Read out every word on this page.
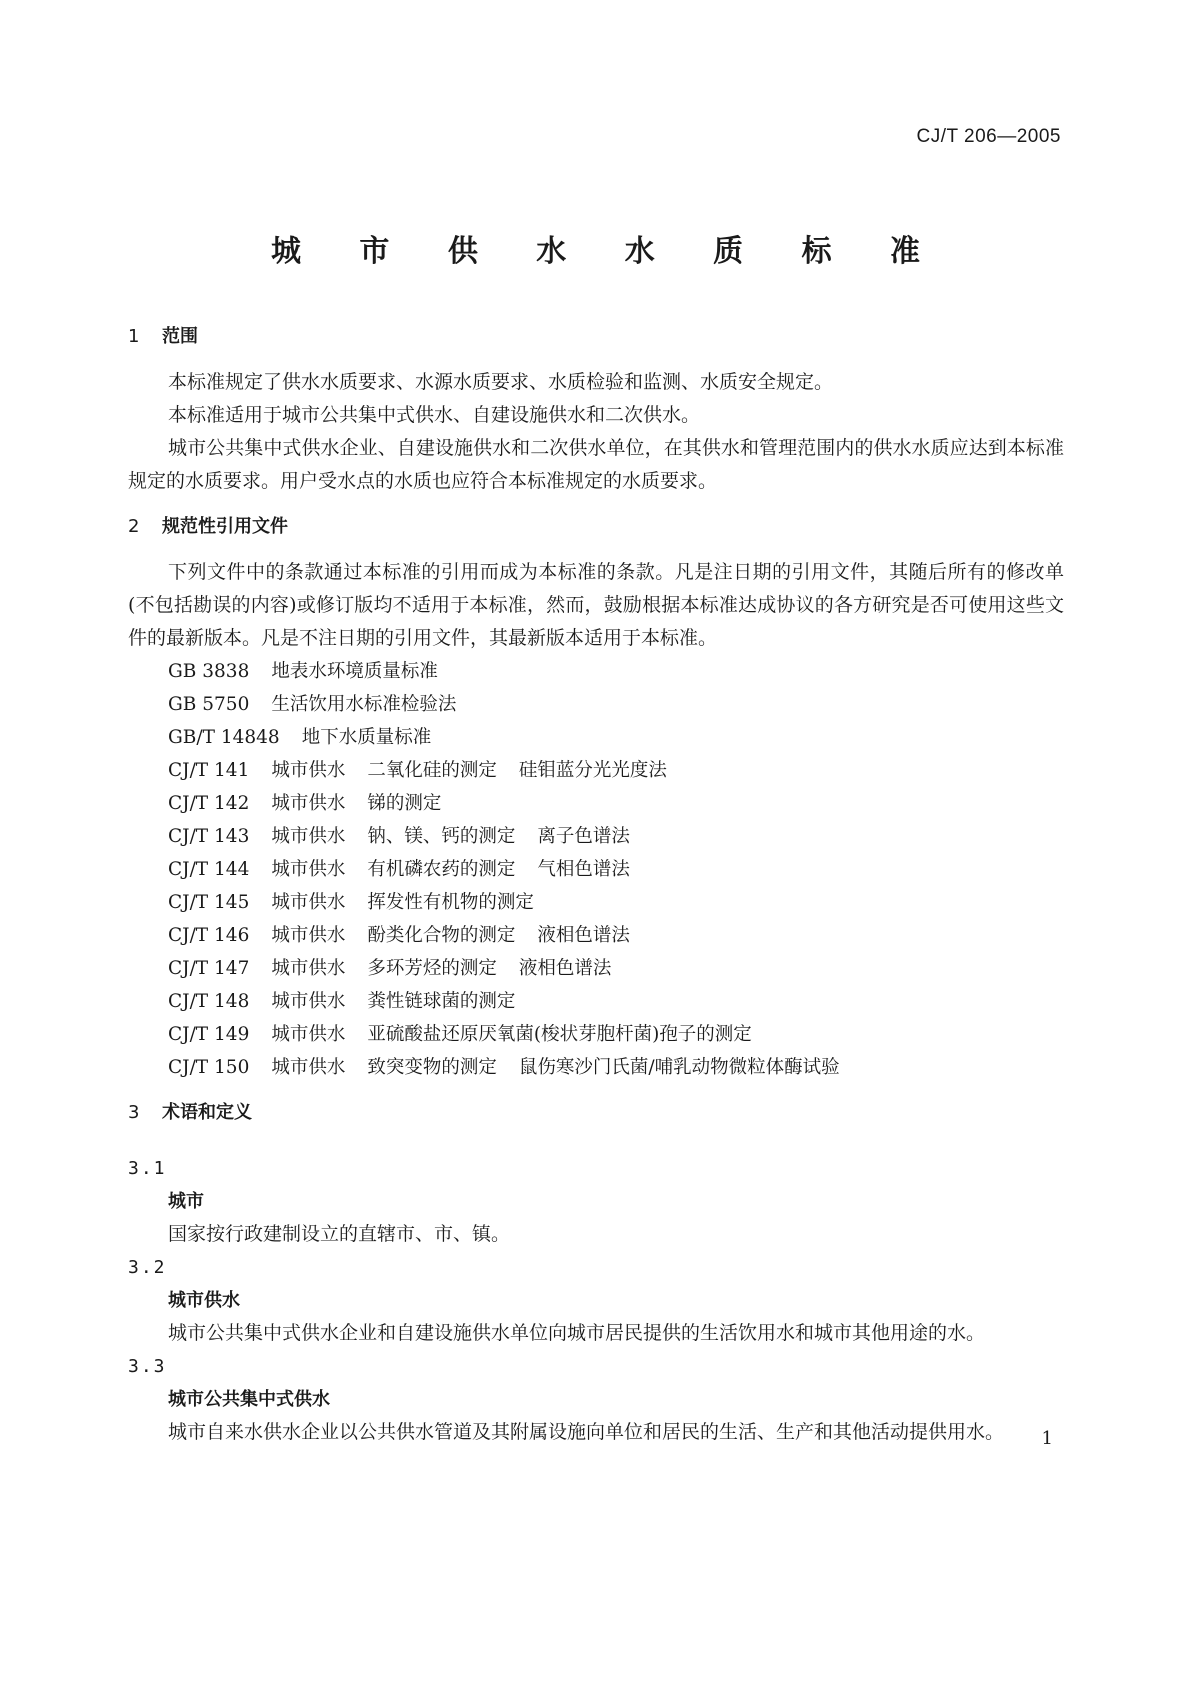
CJ/T 206—2005
城 市 供 水 水 质 标 准
1 范围

本标准规定了供水水质要求、水源水质要求、水质检验和监测、水质安全规定。

本标准适用于城市公共集中式供水、自建设施供水和二次供水。

城市公共集中式供水企业、自建设施供水和二次供水单位，在其供水和管理范围内的供水水质应达到本标准规定的水质要求。用户受水点的水质也应符合本标准规定的水质要求。

2 规范性引用文件

下列文件中的条款通过本标准的引用而成为本标准的条款。凡是注日期的引用文件，其随后所有的修改单(不包括勘误的内容)或修订版均不适用于本标准，然而，鼓励根据本标准达成协议的各方研究是否可使用这些文件的最新版本。凡是不注日期的引用文件，其最新版本适用于本标准。

GB 3838 地表水环境质量标准
GB 5750 生活饮用水标准检验法
GB/T 14848 地下水质量标准
CJ/T 141 城市供水 二氧化硅的测定 硅钼蓝分光光度法
CJ/T 142 城市供水 锑的测定
CJ/T 143 城市供水 钠、镁、钙的测定 离子色谱法
CJ/T 144 城市供水 有机磷农药的测定 气相色谱法
CJ/T 145 城市供水 挥发性有机物的测定
CJ/T 146 城市供水 酚类化合物的测定 液相色谱法
CJ/T 147 城市供水 多环芳烃的测定 液相色谱法
CJ/T 148 城市供水 粪性链球菌的测定
CJ/T 149 城市供水 亚硫酸盐还原厌氧菌(梭状芽胞杆菌)孢子的测定
CJ/T 150 城市供水 致突变物的测定 鼠伤寒沙门氏菌/哺乳动物微粒体酶试验
3 术语和定义
3.1
城市

国家按行政建制设立的直辖市、市、镇。

3.2
城市供水

城市公共集中式供水企业和自建设施供水单位向城市居民提供的生活饮用水和城市其他用途的水。

3.3
城市公共集中式供水

城市自来水供水企业以公共供水管道及其附属设施向单位和居民的生活、生产和其他活动提供用水。	1
